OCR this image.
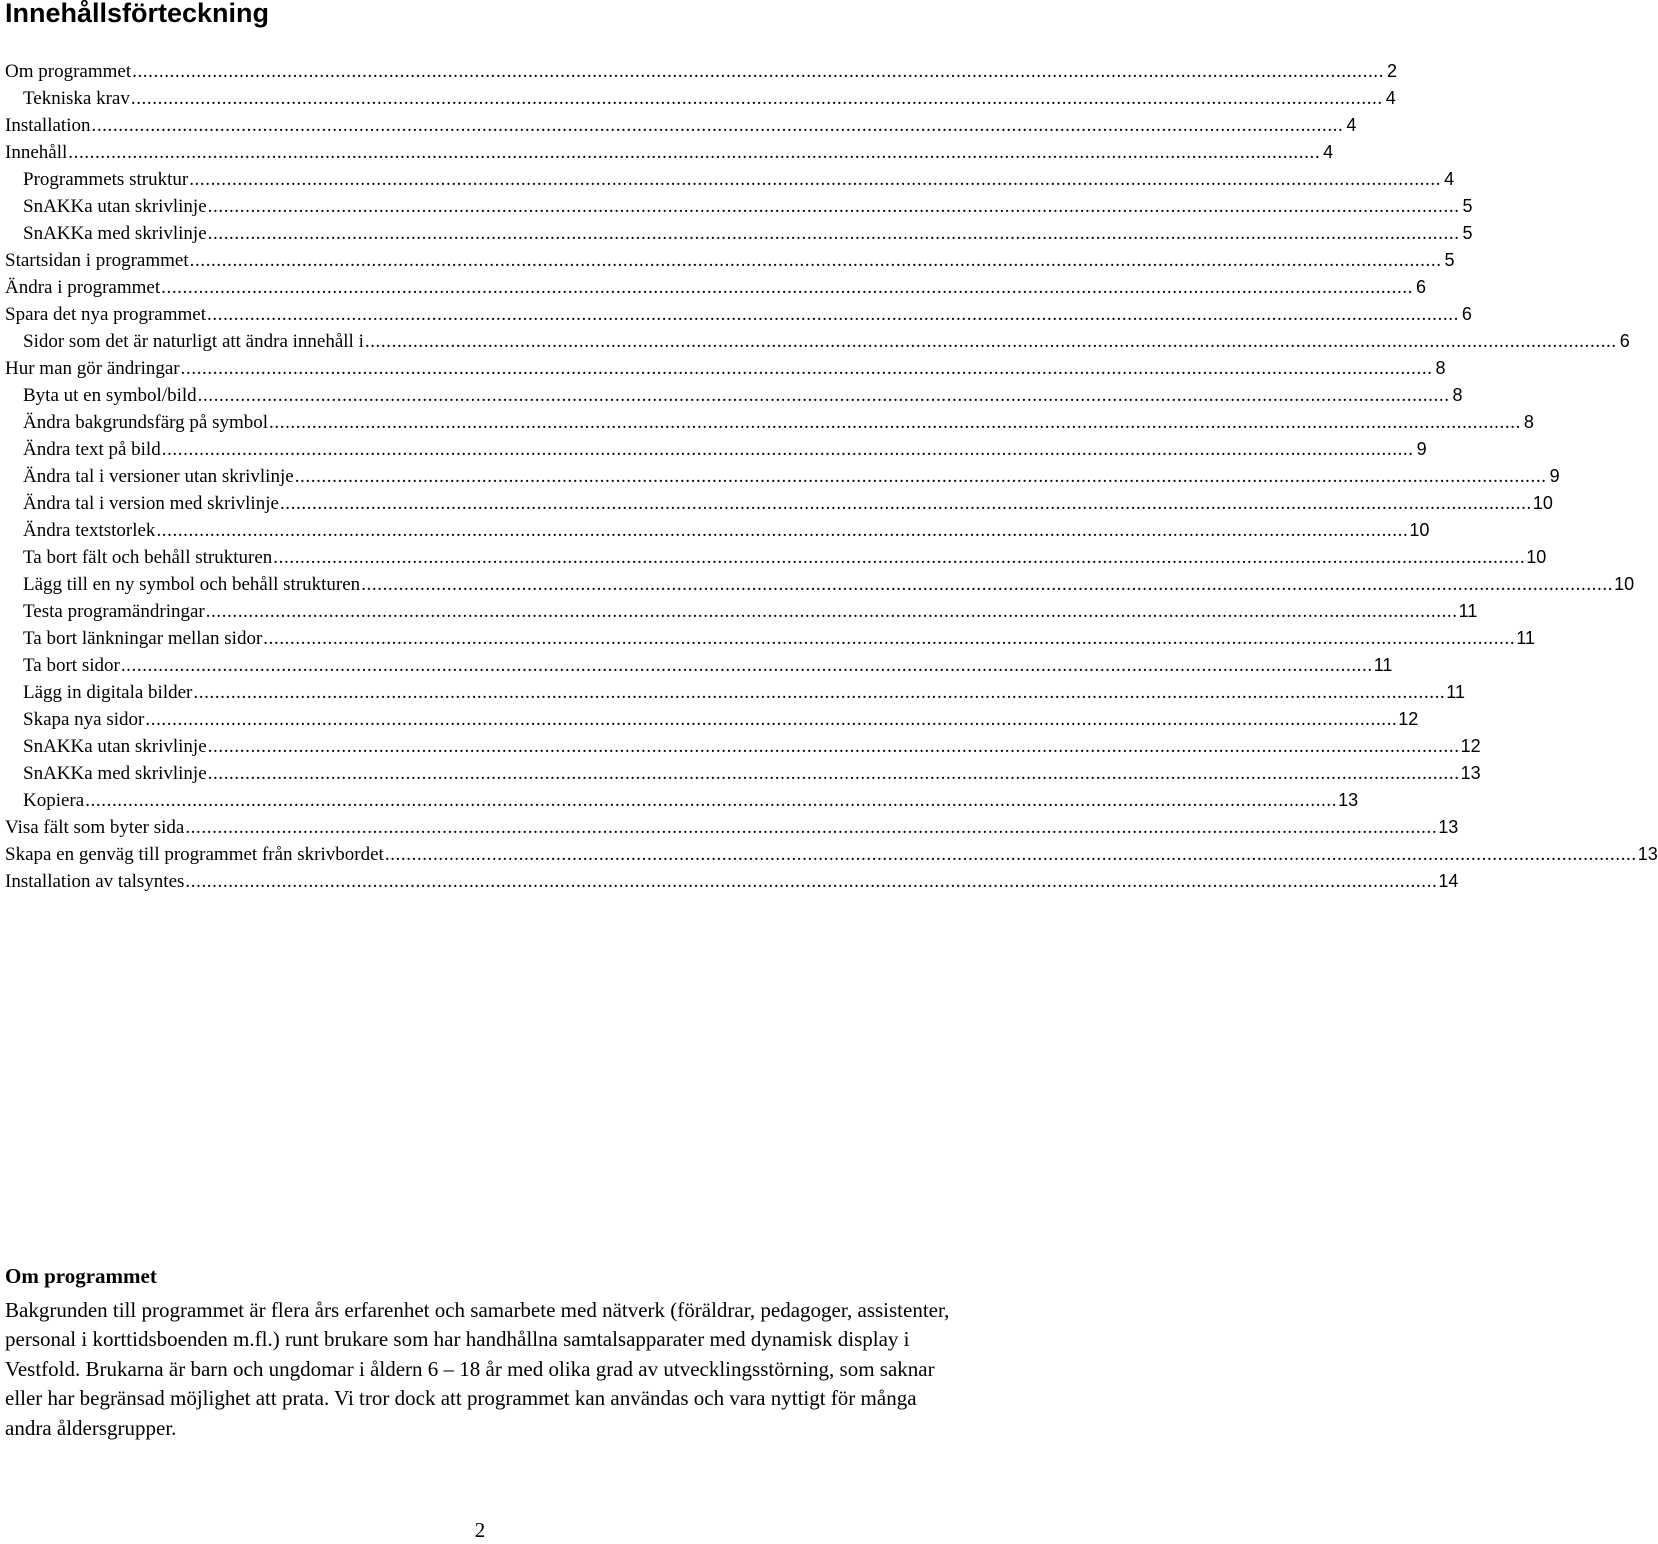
Innehållsförteckning
Om programmet .....	2
Tekniska krav .....	4
Installation .....	4
Innehåll .....	4
Programmets struktur .....	4
SnAKKa utan skrivlinje .....	5
SnAKKa med skrivlinje .....	5
Startsidan i programmet .....	5
Ändra i programmet .....	6
Spara det nya programmet .....	6
Sidor som det är naturligt att ändra innehåll i .....	6
Hur man gör ändringar .....	8
Byta ut en symbol/bild .....	8
Ändra bakgrundsfärg på symbol .....	8
Ändra text på bild .....	9
Ändra tal i versioner utan skrivlinje .....	9
Ändra tal i version med skrivlinje .....	10
Ändra textstorlek .....	10
Ta bort fält och behåll strukturen .....	10
Lägg till en ny symbol och behåll strukturen .....	10
Testa programändringar .....	11
Ta bort länkningar mellan sidor .....	11
Ta bort sidor .....	11
Lägg in digitala bilder .....	11
Skapa nya sidor .....	12
SnAKKa utan skrivlinje .....	12
SnAKKa med skrivlinje .....	13
Kopiera .....	13
Visa fält som byter sida .....	13
Skapa en genväg till programmet från skrivbordet .....	13
Installation av talsyntes .....	14
Om programmet

Bakgrunden till programmet är flera års erfarenhet och samarbete med nätverk (föräldrar, pedagoger, assistenter, personal i korttidsboenden m.fl.) runt brukare som har handhållna samtalsapparater med dynamisk display i Vestfold. Brukarna är barn och ungdomar i åldern 6 – 18 år med olika grad av utvecklingsstörning, som saknar eller har begränsad möjlighet att prata. Vi tror dock att programmet kan användas och vara nyttigt för många andra åldersgrupper.

2
